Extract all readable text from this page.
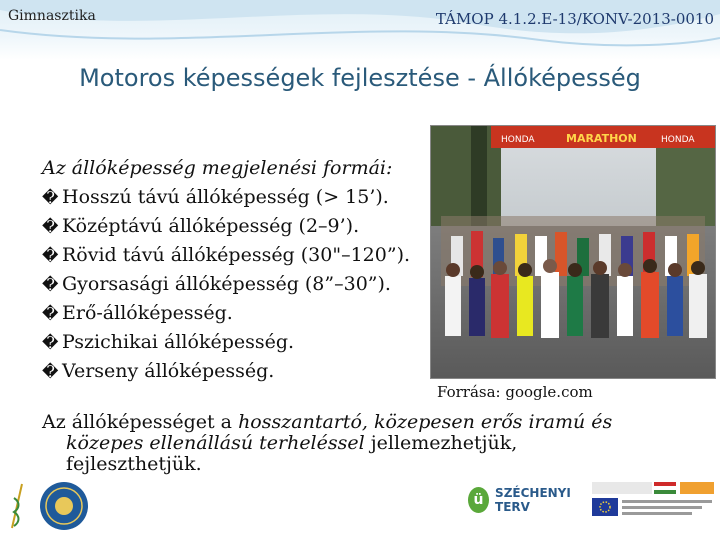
Gimnasztika	TÁMOP 4.1.2.E-13/KONV-2013-0010
Motoros képességek fejlesztése - Állóképesség
Az állóképesség megjelenési formái:
� Hosszú távú állóképesség (> 15’).
� Középtávú állóképesség (2–9’).
� Rövid távú állóképesség (30"–120”).
� Gyorsasági állóképesség (8”–30”).
� Erő-állóképesség.
� Pszichikai állóképesség.
� Verseny állóképesség.
HONDA	MARATHON	HONDA
Forrása: google.com
Az állóképességet a hosszantartó, közepesen erős iramú és
közepes ellenállású terheléssel jellemezhetjük,
fejleszthetjük.
ü SZÉCHENYI TERV
